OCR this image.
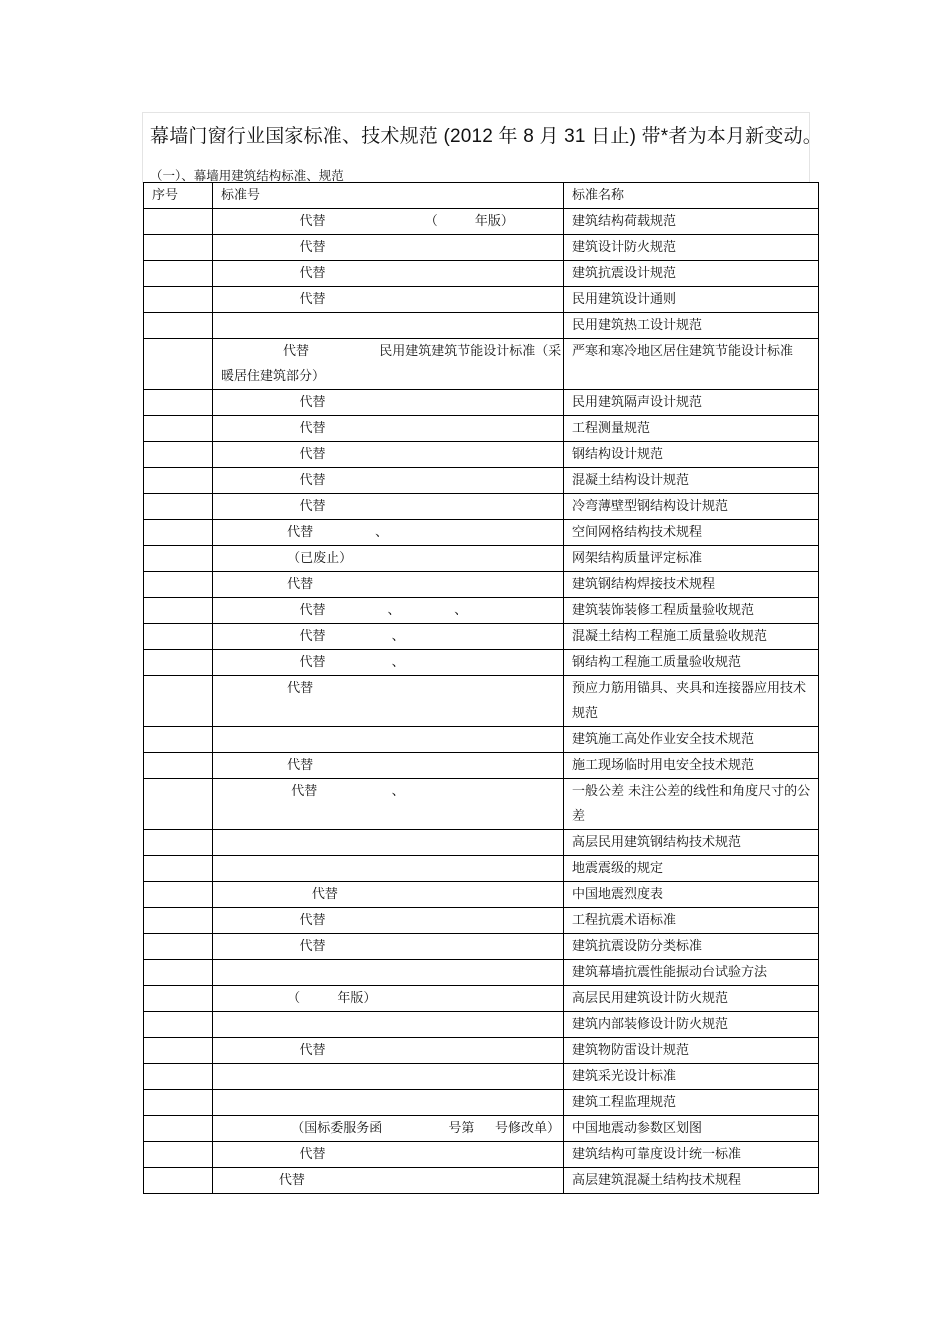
幕墙门窗行业国家标准、技术规范 (2012 年 8 月 31 日止) 带*者为本月新变动。
（一）、幕墙用建筑结构标准、规范
序号	标准号	标准名称
	代替                        （         年版）	建筑结构荷载规范
	代替	建筑设计防火规范
	代替	建筑抗震设计规范
	代替	民用建筑设计通则
		民用建筑热工设计规范
	代替                 民用建筑建筑节能设计标准（采暖居住建筑部分）	严寒和寒冷地区居住建筑节能设计标准
	代替	民用建筑隔声设计规范
	代替	工程测量规范
	代替	钢结构设计规范
	代替	混凝土结构设计规范
	代替	冷弯薄壁型钢结构设计规范
	代替               、	空间网格结构技术规程
	（已废止）	网架结构质量评定标准
	代替	建筑钢结构焊接技术规程
	代替               、             、	建筑装饰装修工程质量验收规范
	代替                、	混凝土结构工程施工质量验收规范
	代替                、	钢结构工程施工质量验收规范
	代替	预应力筋用锚具、夹具和连接器应用技术规范
		建筑施工高处作业安全技术规范
	代替	施工现场临时用电安全技术规范
	代替                  、	一般公差 未注公差的线性和角度尺寸的公差
		高层民用建筑钢结构技术规范
		地震震级的规定
	代替	中国地震烈度表
	代替	工程抗震术语标准
	代替	建筑抗震设防分类标准
		建筑幕墙抗震性能振动台试验方法
	（         年版）	高层民用建筑设计防火规范
		建筑内部装修设计防火规范
	代替	建筑物防雷设计规范
		建筑采光设计标准
		建筑工程监理规范
	（国标委服务函                号第     号修改单）	中国地震动参数区划图
	代替	建筑结构可靠度设计统一标准
	代替	高层建筑混凝土结构技术规程
